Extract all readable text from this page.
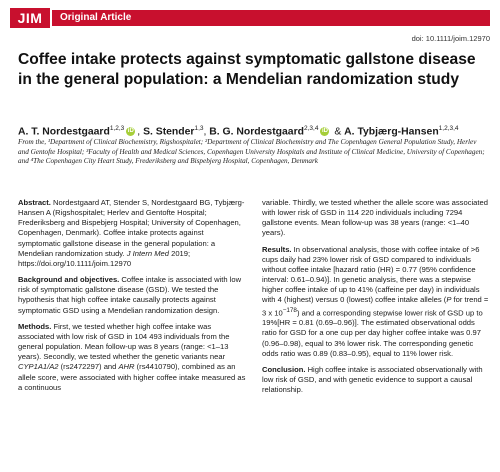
JIM	Original Article
doi: 10.1111/joim.12970
Coffee intake protects against symptomatic gallstone disease in the general population: a Mendelian randomization study
A. T. Nordestgaard$^{1,2,3}$ iD , S. Stender$^{1,3}$, B. G. Nordestgaard$^{2,3,4}$ iD & A. Tybjærg-Hansen$^{1,2,3,4}$
From the, ¹Department of Clinical Biochemistry, Rigshospitalet; ²Department of Clinical Biochemistry and The Copenhagen General Population Study, Herlev and Gentofte Hospital; ³Faculty of Health and Medical Sciences, Copenhagen University Hospitals and Institute of Clinical Medicine, University of Copenhagen; and ⁴The Copenhagen City Heart Study, Frederiksberg and Bispebjerg Hospital, Copenhagen, Denmark

Abstract. Nordestgaard AT, Stender S, Nordestgaard BG, Tybjærg-Hansen A (Rigshospitalet; Herlev and Gentofte Hospital; Frederiksberg and Bispebjerg Hospital; University of Copenhagen, Copenhagen, Denmark). Coffee intake protects against symptomatic gallstone disease in the general population: a Mendelian randomization study. J Intern Med 2019; https://doi.org/10.1111/joim.12970

Background and objectives. Coffee intake is associated with low risk of symptomatic gallstone disease (GSD). We tested the hypothesis that high coffee intake causally protects against symptomatic GSD using a Mendelian randomization design.

Methods. First, we tested whether high coffee intake was associated with low risk of GSD in 104 493 individuals from the general population. Mean follow-up was 8 years (range: <1–13 years). Secondly, we tested whether the genetic variants near CYP1A1/A2 (rs2472297) and AHR (rs4410790), combined as an allele score, were associated with higher coffee intake measured as a continuous

variable. Thirdly, we tested whether the allele score was associated with lower risk of GSD in 114 220 individuals including 7294 gallstone events. Mean follow-up was 38 years (range: <1–40 years).

Results. In observational analysis, those with coffee intake of >6 cups daily had 23% lower risk of GSD compared to individuals without coffee intake [hazard ratio (HR) = 0.77 (95% confidence interval: 0.61–0.94)]. In genetic analysis, there was a stepwise higher coffee intake of up to 41% (caffeine per day) in individuals with 4 (highest) versus 0 (lowest) coffee intake alleles (P for trend = 3 x $10^{-178}$) and a corresponding stepwise lower risk of GSD up to 19%[HR = 0.81 (0.69–0.96)]. The estimated observational odds ratio for GSD for a one cup per day higher coffee intake was 0.97 (0.96–0.98), equal to 3% lower risk. The corresponding genetic odds ratio was 0.89 (0.83–0.95), equal to 11% lower risk.

Conclusion. High coffee intake is associated observationally with low risk of GSD, and with genetic evidence to support a causal relationship.
